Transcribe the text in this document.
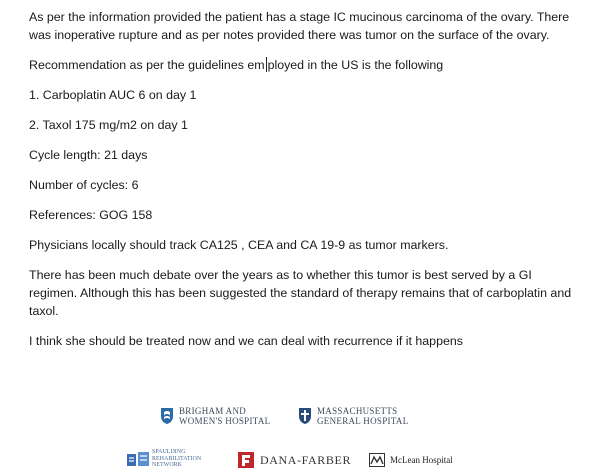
As per the information provided the patient has a stage IC mucinous carcinoma of the ovary. There was inoperative rupture and as per notes provided there was tumor on the surface of the ovary.

Recommendation as per the guidelines em ployed in the US is the following

1. Carboplatin AUC 6 on day 1

2. Taxol 175 mg/m2 on day 1

Cycle length: 21 days

Number of cycles: 6

References: GOG 158

Physicians locally should track CA125 , CEA and CA 19-9 as tumor markers.

There has been much debate over the years as to whether this tumor is best served by a GI regimen. Although this has been suggested the standard of therapy remains that of carboplatin and taxol.

I think she should be treated now and we can deal with recurrence if it happens

BRIGHAM AND
WOMEN'S HOSPITAL
MASSACHUSETTS
GENERAL HOSPITAL
SPAULDING
REHABILITATION
NETWORK	DANA-FARBER	McLean Hospital
